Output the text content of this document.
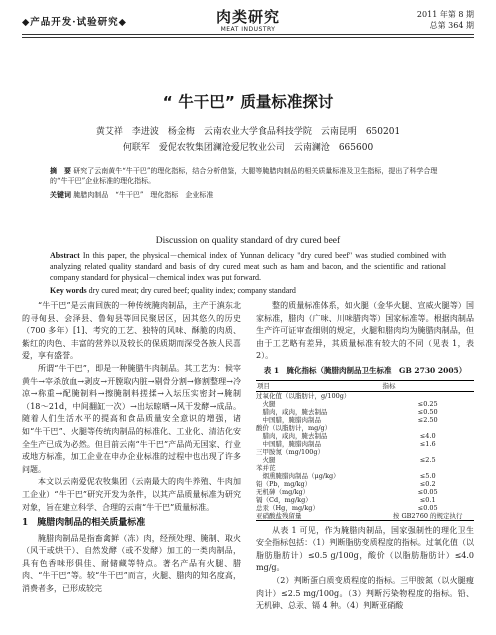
◆产品开发·试验研究◆	肉类研究
MEAT INDUSTRY
2011 年第 8 期
总第 364 期
“ 牛干巴” 质量标准探讨
黄艾祥　李进波　杨金梅　云南农业大学食品科技学院　云南昆明　650201
何联军　爱伲农牧集团澜沧爱尼牧业公司　云南澜沧　665600
摘　要 研究了云南黄牛“牛干巴”的理化指标，结合分析借鉴，大腿等腌腊肉制品的相关质量标准及卫生指标，提出了科学合理的“牛干巴”企业标准的理化指标。
关键词 腌腊肉制品　“牛干巴”　理化指标　企业标准
Discussion on quality standard of dry cured beef
Abstract In this paper, the physical－chemical index of Yunnan delicacy "dry cured beef" was studied combined with analyzing related quality standard and basis of dry cured meat such as ham and bacon, and the scientific and rational company standard for physical－chemical index was put forward.
Key words dry cured meat; dry cured beef; quality index; company standard

“牛干巴”是云南回族的一种传统腌肉制品，主产于滇东北的寻甸县、会泽县、鲁甸县等回民聚居区，因其悠久的历史（700 多年）[1]、考究的工艺、独特的风味、酥脆的肉质、紫红的肉色、丰富的营养以及较长的保质期而深受各族人民喜爱，享有盛誉。

所谓“牛干巴”，即是一种腌腊牛肉制品。其工艺为：候宰黄牛→宰杀放血→剥皮→开膛取内脏→剔骨分割→修割整理→冷凉→称重→配腌制料→擦腌制料搓揉→入坛压实密封→腌制（18～21d，中间翻缸一次）→出坛晾晒→风干发酵→成品。随着人们生活水平的提高和食品质量安全意识的增强，诸如“牛干巴”、火腿等传统肉制品的标准化、工业化、清洁化安全生产已成为必然。但目前云南“牛干巴”产品尚无国家、行业或地方标准，加工企业在申办企业标准的过程中也出现了许多问题。

本文以云南爱伲农牧集团（云南最大的肉牛养殖、牛肉加工企业）“牛干巴”研究开发为条件，以其产品质量标准为研究对象，旨在建立科学、合理的云南“牛干巴”质量标准。

1　腌腊肉制品的相关质量标准

腌腊肉制品是指畜禽鲜（冻）肉，经预处理、腌制、取火（风干或烘干）、自然发酵（或不发酵）加工的一类肉制品，具有色香味形俱佳、耐储藏等特点。著名产品有火腿、腊肉、“牛干巴”等。较“牛干巴”而言，火腿、腊肉的知名度高，消费者多，已形成较完

整的质量标准体系，如火腿（金华火腿、宣威火腿等）国家标准，腊肉（广味、川味腊肉等）国家标准等。根据肉制品生产许可证审查细则的规定，火腿和腊肉均为腌腊肉制品，但由于工艺略有差异，其质量标准有较大的不同（见表 1，表 2）。

表 1　腌化指标（腌腊肉制品卫生标准　GB 2730 2005）
项目	指标
过氧化值（以脂肪计，g/100g）	
　火腿	≤0.25
　腊肉，咸肉，腌去制品	≤0.50
　中国腊，腌腊肉制品	≤2.50
酸价（以脂肪计，mg/g）	
　腊肉，咸肉，腌去制品	≤4.0
　中国腊，腌腊肉制品	≤1.6
三甲胺氮（mg/100g）	
　火腿	≤2.5
苯并芘	
　烟熏腌腊肉制品（μg/kg）	≤5.0
铅（Pb，mg/kg）	≤0.2
无机砷（mg/kg）	≤0.05
镉（Cd，mg/kg）	≤0.1
总汞（Hg，mg/kg）	≤0.05
亚硝酸盐残留量	按 GB2760 的规定执行

从表 1 可见，作为腌腊肉制品，国家强制性的理化卫生安全指标包括：（1）判断脂肪变质程度的指标。过氧化值（以脂肪脂肪计）≤0.5 g/100g，酸价（以脂肪脂肪计）≤4.0 mg/g。

（2）判断蛋白质变质程度的指标。三甲胺氮（以火腿瘦肉计）≤2.5 mg/100g。（3）判断污染物程度的指标。铅、无机砷、总汞、镉 4 种。（4）判断亚硝酸
